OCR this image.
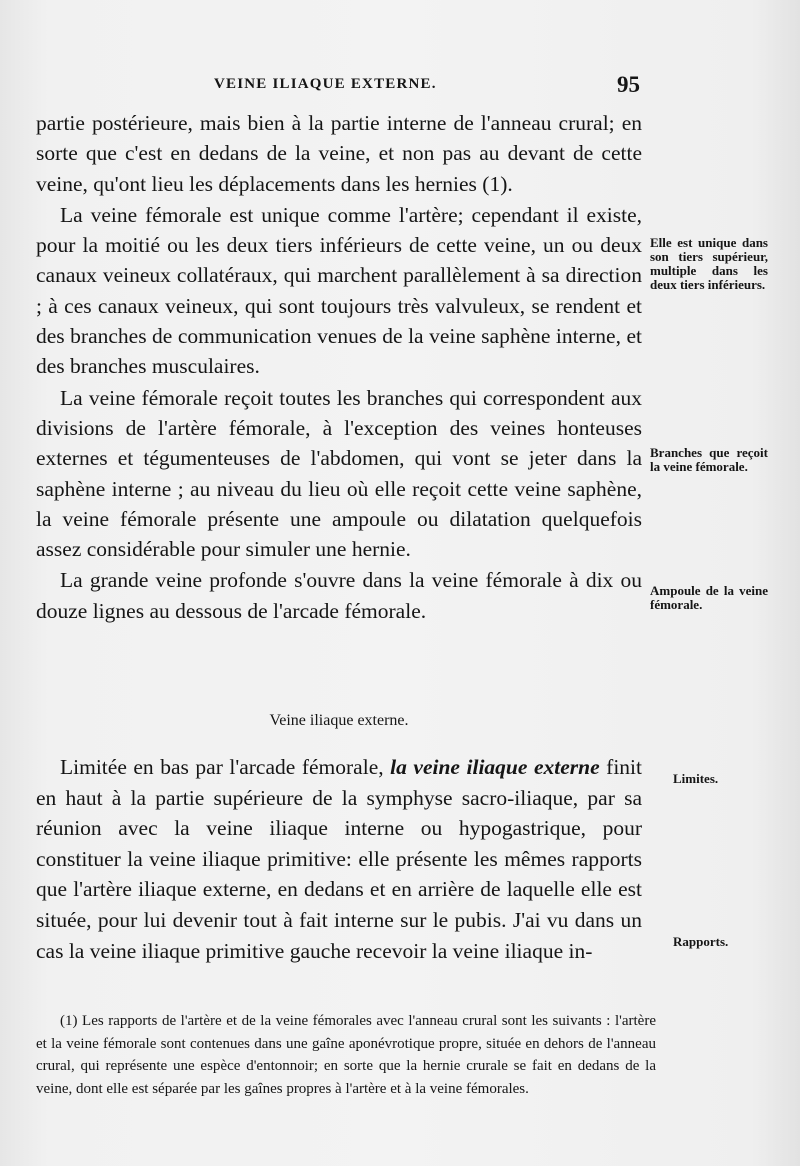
VEINE ILIAQUE EXTERNE.	95

partie postérieure, mais bien à la partie interne de l'anneau crural; en sorte que c'est en dedans de la veine, et non pas au devant de cette veine, qu'ont lieu les déplacements dans les hernies (1).

La veine fémorale est unique comme l'artère; cependant il existe, pour la moitié ou les deux tiers inférieurs de cette veine, un ou deux canaux veineux collatéraux, qui marchent parallèlement à sa direction ; à ces canaux veineux, qui sont toujours très valvuleux, se rendent et des branches de communication venues de la veine saphène interne, et des branches musculaires.

La veine fémorale reçoit toutes les branches qui correspondent aux divisions de l'artère fémorale, à l'exception des veines honteuses externes et tégumenteuses de l'abdomen, qui vont se jeter dans la saphène interne ; au niveau du lieu où elle reçoit cette veine saphène, la veine fémorale présente une ampoule ou dilatation quelquefois assez considérable pour simuler une hernie.

La grande veine profonde s'ouvre dans la veine fémorale à dix ou douze lignes au dessous de l'arcade fémorale.

Veine iliaque externe.

Limitée en bas par l'arcade fémorale, la veine iliaque externe finit en haut à la partie supérieure de la symphyse sacro-iliaque, par sa réunion avec la veine iliaque interne ou hypogastrique, pour constituer la veine iliaque primitive: elle présente les mêmes rapports que l'artère iliaque externe, en dedans et en arrière de laquelle elle est située, pour lui devenir tout à fait interne sur le pubis. J'ai vu dans un cas la veine iliaque primitive gauche recevoir la veine iliaque in-

Elle est unique dans son tiers supérieur, multiple dans les deux tiers inférieurs.
Branches que reçoit la veine fémorale.
Ampoule de la veine fémorale.
Limites.
Rapports.

(1) Les rapports de l'artère et de la veine fémorales avec l'anneau crural sont les suivants : l'artère et la veine fémorale sont contenues dans une gaîne aponévrotique propre, située en dehors de l'anneau crural, qui représente une espèce d'entonnoir; en sorte que la hernie crurale se fait en dedans de la veine, dont elle est séparée par les gaînes propres à l'artère et à la veine fémorales.
